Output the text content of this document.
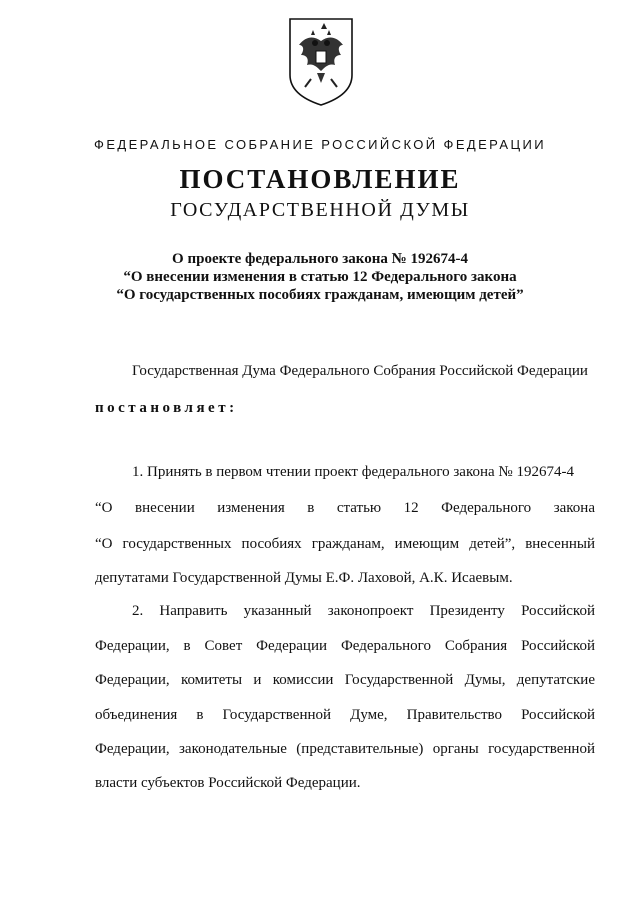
ФЕДЕРАЛЬНОЕ СОБРАНИЕ РОССИЙСКОЙ ФЕДЕРАЦИИ
ПОСТАНОВЛЕНИЕ
ГОСУДАРСТВЕННОЙ ДУМЫ
О проекте федерального закона № 192674-4
“О внесении изменения в статью 12 Федерального закона
“О государственных пособиях гражданам, имеющим детей”
Государственная Дума Федерального Собрания Российской Федерации
постановляет:
1. Принять в первом чтении проект федерального закона № 192674-4
“О внесении изменения в статью 12 Федерального закона
“О государственных пособиях гражданам, имеющим детей”, внесенный
депутатами Государственной Думы Е.Ф. Лаховой, А.К. Исаевым.
2. Направить указанный законопроект Президенту Российской
Федерации, в Совет Федерации Федерального Собрания Российской
Федерации, комитеты и комиссии Государственной Думы, депутатские
объединения в Государственной Думе, Правительство Российской
Федерации, законодательные (представительные) органы государственной
власти субъектов Российской Федерации.
